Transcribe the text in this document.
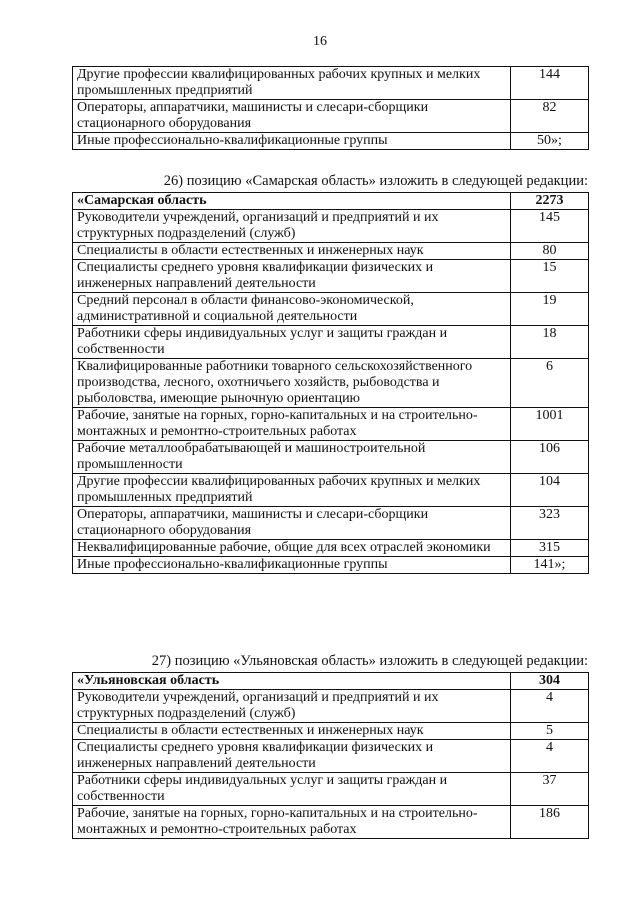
16
Другие профессии квалифицированных рабочих крупных и мелких промышленных предприятий	144
Операторы, аппаратчики, машинисты и слесари-сборщики стационарного оборудования	82
Иные профессионально-квалификационные группы	50»;
26) позицию «Самарская область» изложить в следующей редакции:
«Самарская область	2273
Руководители учреждений, организаций и предприятий и их структурных подразделений (служб)	145
Специалисты в области естественных и инженерных наук	80
Специалисты среднего уровня квалификации физических и инженерных направлений деятельности	15
Средний персонал в области финансово-экономической, административной и социальной деятельности	19
Работники сферы индивидуальных услуг и защиты граждан и собственности	18
Квалифицированные работники товарного сельскохозяйственного производства, лесного, охотничьего хозяйств, рыбоводства и рыболовства, имеющие рыночную ориентацию	6
Рабочие, занятые на горных, горно-капитальных и на строительно-монтажных и ремонтно-строительных работах	1001
Рабочие металлообрабатывающей и машиностроительной промышленности	106
Другие профессии квалифицированных рабочих крупных и мелких промышленных предприятий	104
Операторы, аппаратчики, машинисты и слесари-сборщики стационарного оборудования	323
Неквалифицированные рабочие, общие для всех отраслей экономики	315
Иные профессионально-квалификационные группы	141»;
27) позицию «Ульяновская область» изложить в следующей редакции:
«Ульяновская область	304
Руководители учреждений, организаций и предприятий и их структурных подразделений (служб)	4
Специалисты в области естественных и инженерных наук	5
Специалисты среднего уровня квалификации физических и инженерных направлений деятельности	4
Работники сферы индивидуальных услуг и защиты граждан и собственности	37
Рабочие, занятые на горных, горно-капитальных и на строительно-монтажных и ремонтно-строительных работах	186
